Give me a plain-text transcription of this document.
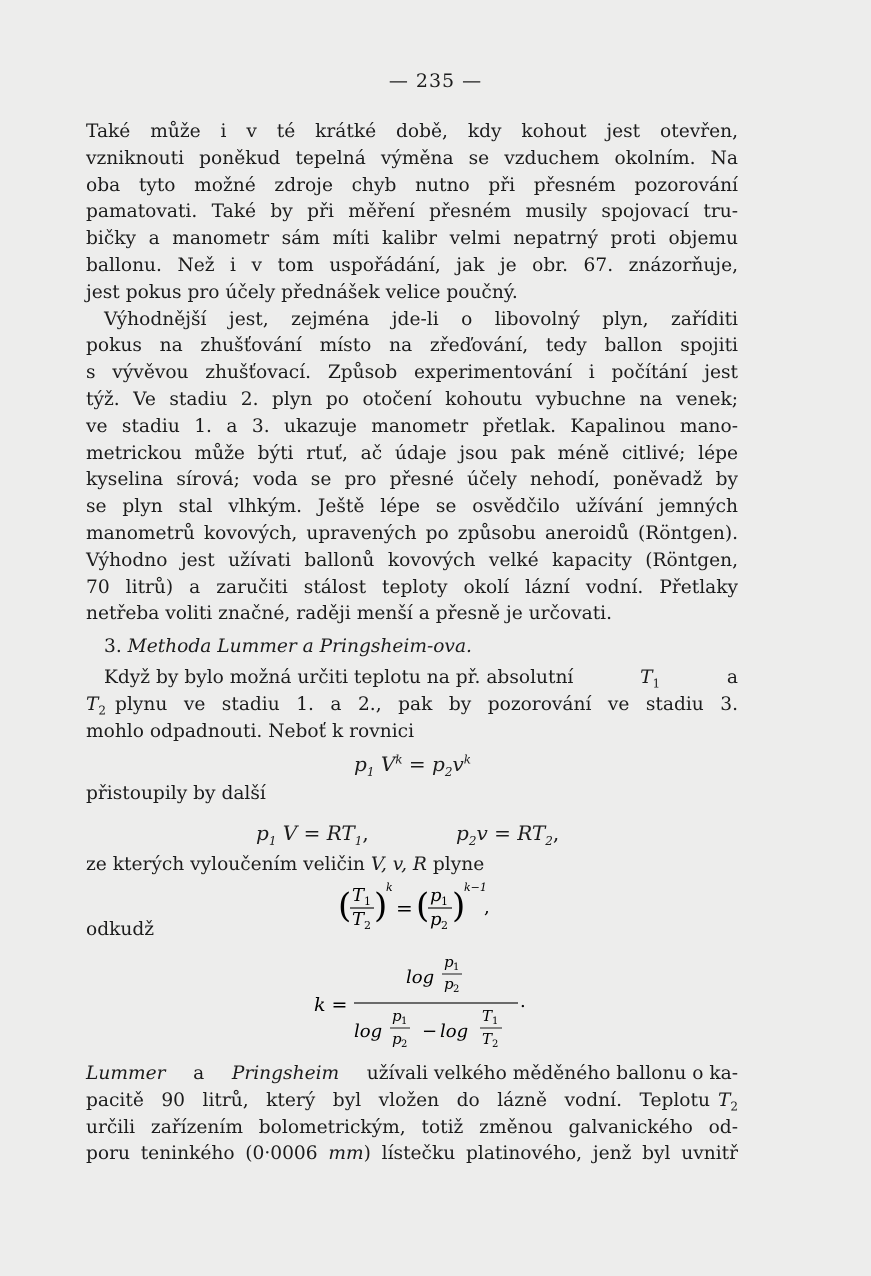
— 235 —
Také může i v té krátké době, kdy kohout jest otevřen,
vzniknouti poněkud tepelná výměna se vzduchem okolním. Na
oba tyto možné zdroje chyb nutno při přesném pozorování
pamatovati. Také by při měření přesném musily spojovací tru-
bičky a manometr sám míti kalibr velmi nepatrný proti objemu
ballonu. Než i v tom uspořádání, jak je obr. 67. znázorňuje,
jest pokus pro účely přednášek velice poučný.
Výhodnější jest, zejména jde-li o libovolný plyn, zaříditi
pokus na zhušťování místo na zřeďování, tedy ballon spojiti
s vývěvou zhušťovací. Způsob experimentování i počítání jest
týž. Ve stadiu 2. plyn po otočení kohoutu vybuchne na venek;
ve stadiu 1. a 3. ukazuje manometr přetlak. Kapalinou mano-
metrickou může býti rtuť, ač údaje jsou pak méně citlivé; lépe
kyselina sírová; voda se pro přesné účely nehodí, poněvadž by
se plyn stal vlhkým. Ještě lépe se osvědčilo užívání jemných
manometrů kovových, upravených po způsobu aneroidů (Röntgen).
Výhodno jest užívati ballonů kovových velké kapacity (Röntgen,
70 litrů) a zaručiti stálost teploty okolí lázní vodní. Přetlaky
netřeba voliti značné, raději menší a přesně je určovati.
3.
Methoda Lummer a Pringsheim-ova.
Když by bylo možná určiti teplotu na př. absolutní	$T_1$	a
$T_2$ plynu ve stadiu 1. a 2., pak by pozorování ve stadiu 3.
mohlo odpadnouti. Neboť k rovnici
$p_1$ $V^k = p_2v^k$
přistoupily by další
$p_1$ $V = RT_1$,	$p_2v = RT_2$,
ze kterých vyloučením veličin
V, v, R
plyne
( T 1
T 2 )
k
= ( p 1
p 2 )
k−1
,
odkudž
k =
log
p 1
p 2
.
log
p 1
p 2
− log
T 1
T 2
Lummer a Pringsheim užívali velkého měděného ballonu o ka-
pacitě 90 litrů, který byl vložen do lázně vodní. Teplotu $T_2$
určili zařízením bolometrickým, totiž změnou galvanického od-
poru teninkého (0·0006 mm) lístečku platinového, jenž byl uvnitř
